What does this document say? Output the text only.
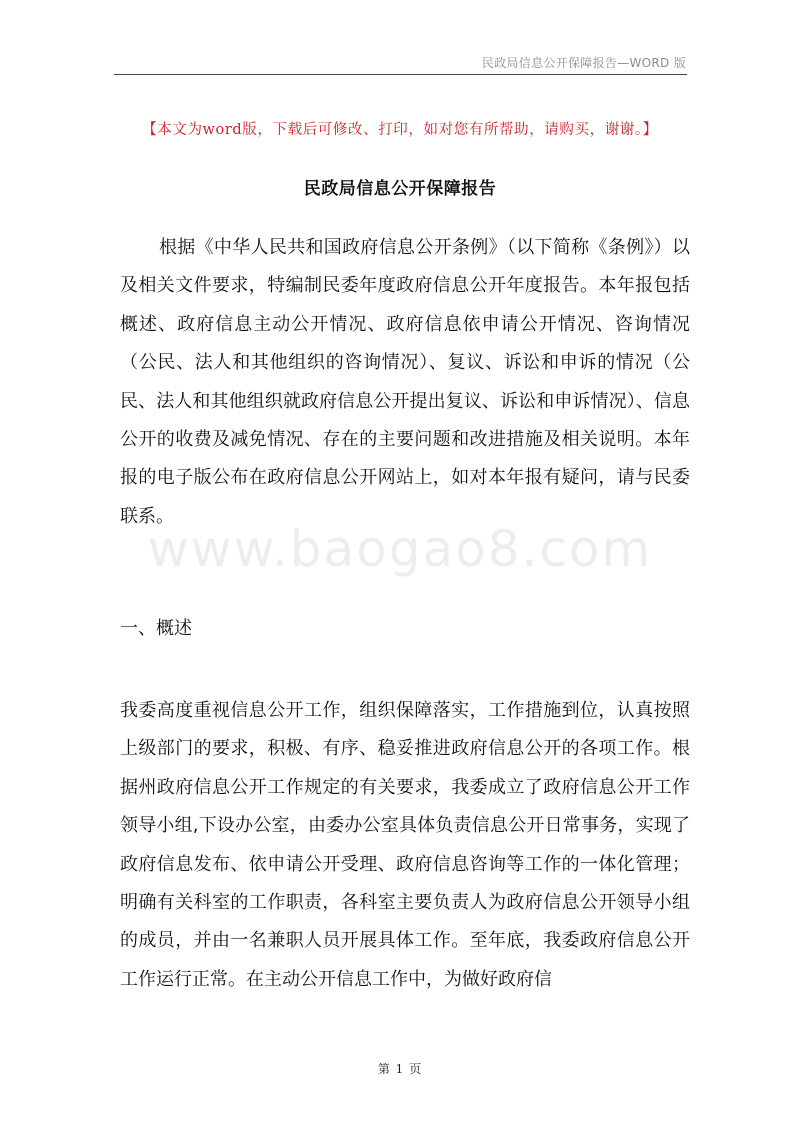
民政局信息公开保障报告—WORD 版
【本文为word版，下载后可修改、打印，如对您有所帮助，请购买，谢谢。】
民政局信息公开保障报告

根据《中华人民共和国政府信息公开条例》（以下简称《条例》）以及相关文件要求，特编制民委年度政府信息公开年度报告。本年报包括概述、政府信息主动公开情况、政府信息依申请公开情况、咨询情况（公民、法人和其他组织的咨询情况）、复议、诉讼和申诉的情况（公民、法人和其他组织就政府信息公开提出复议、诉讼和申诉情况）、信息公开的收费及减免情况、存在的主要问题和改进措施及相关说明。本年报的电子版公布在政府信息公开网站上，如对本年报有疑问，请与民委联系。

www.baogao8.com
一、概述

我委高度重视信息公开工作，组织保障落实，工作措施到位，认真按照上级部门的要求，积极、有序、稳妥推进政府信息公开的各项工作。根据州政府信息公开工作规定的有关要求，我委成立了政府信息公开工作领导小组,下设办公室，由委办公室具体负责信息公开日常事务，实现了政府信息发布、依申请公开受理、政府信息咨询等工作的一体化管理；明确有关科室的工作职责，各科室主要负责人为政府信息公开领导小组的成员，并由一名兼职人员开展具体工作。至年底，我委政府信息公开工作运行正常。在主动公开信息工作中，为做好政府信

第 1 页
